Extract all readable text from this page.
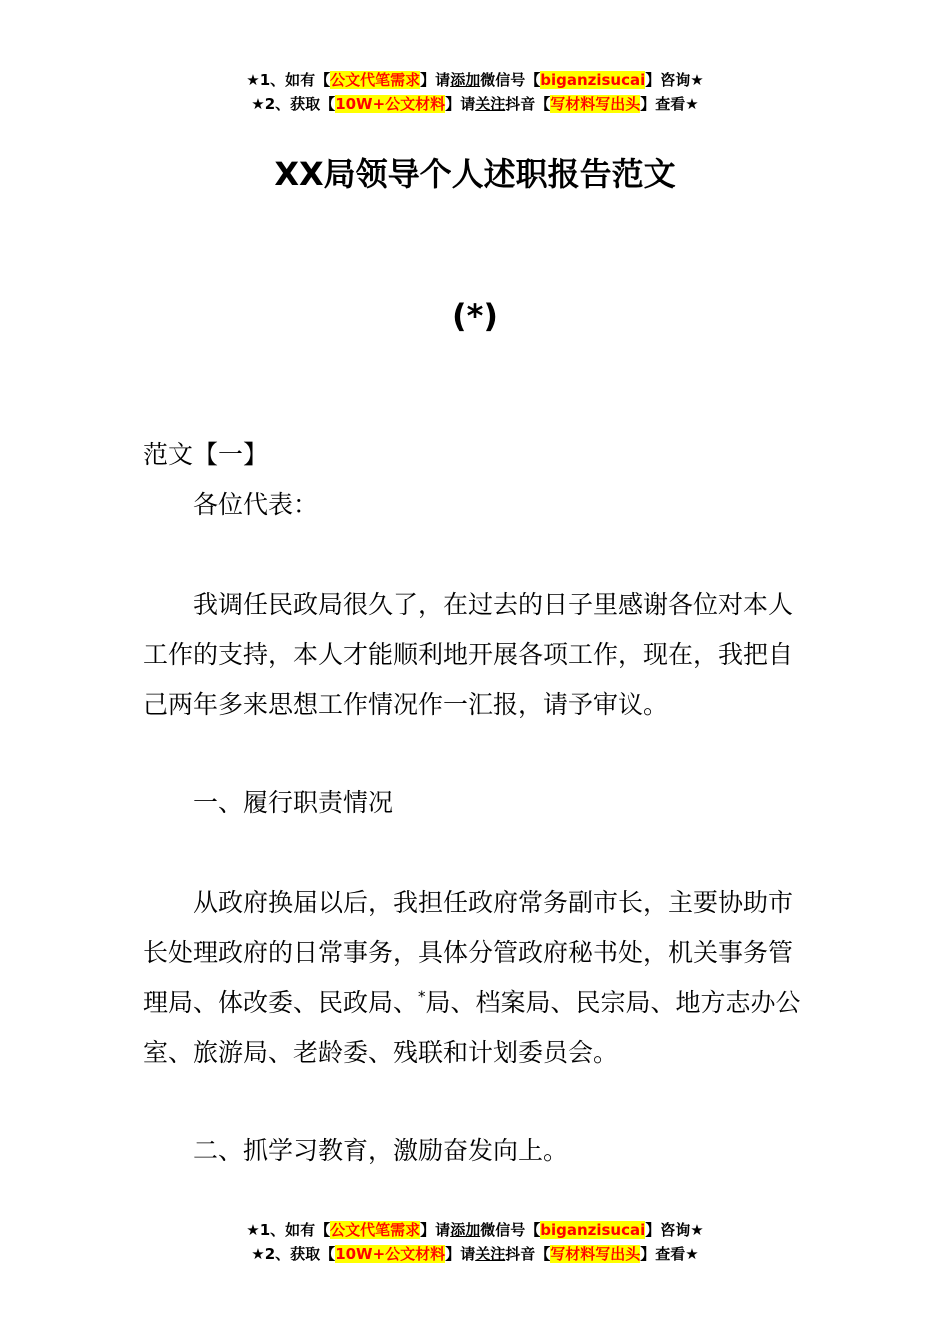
★1、如有【公文代笔需求】请添加微信号【biganzisucai】咨询★
★2、获取【10W+公文材料】请关注抖音【写材料写出头】查看★
XX局领导个人述职报告范文

(*)

范文【一】

各位代表：

我调任民政局很久了，在过去的日子里感谢各位对本人工作的支持，本人才能顺利地开展各项工作，现在，我把自己两年多来思想工作情况作一汇报，请予审议。

一、履行职责情况

从政府换届以后，我担任政府常务副市长，主要协助市长处理政府的日常事务，具体分管政府秘书处，机关事务管理局、体改委、民政局、*局、档案局、民宗局、地方志办公室、旅游局、老龄委、残联和计划委员会。

二、抓学习教育，激励奋发向上。

★1、如有【公文代笔需求】请添加微信号【biganzisucai】咨询★
★2、获取【10W+公文材料】请关注抖音【写材料写出头】查看★
